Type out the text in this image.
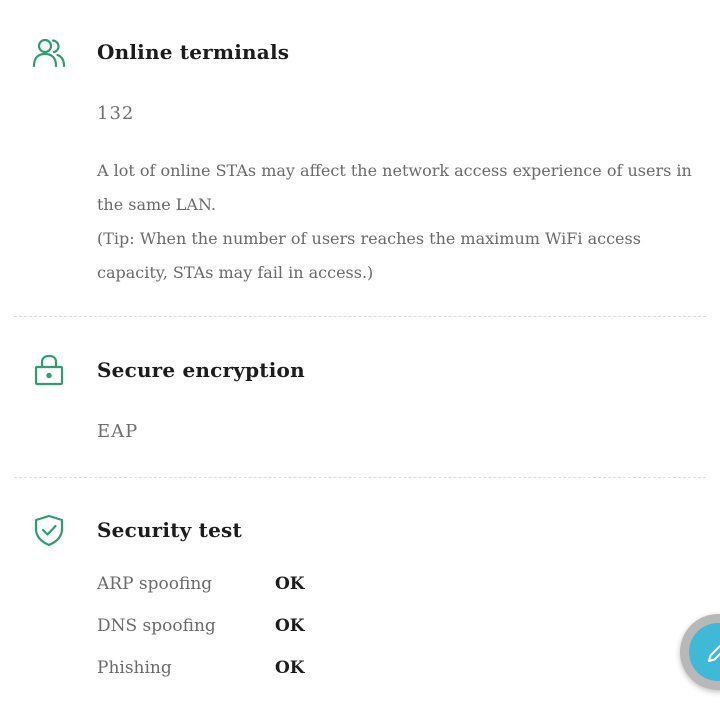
Online terminals
132

A lot of online STAs may affect the network access experience of users in the same LAN.

(Tip: When the number of users reaches the maximum WiFi access capacity, STAs may fail in access.)

Secure encryption
EAP
Security test
ARP spoofing	OK
DNS spoofing	OK
Phishing	OK
